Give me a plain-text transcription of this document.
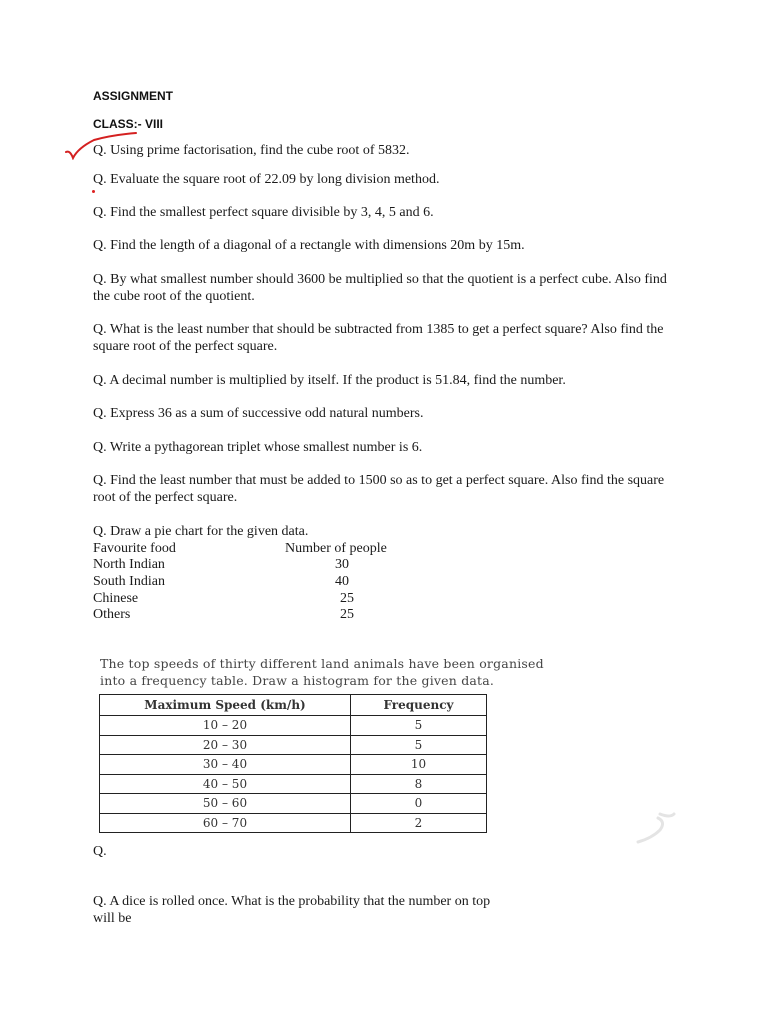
ASSIGNMENT
CLASS:- VIII
Q. Using prime factorisation, find the cube root of 5832.
Q. Evaluate the square root of 22.09 by long division method.
Q. Find the smallest perfect square divisible by 3, 4, 5 and 6.
Q. Find the length of a diagonal of a rectangle with dimensions 20m by 15m.
Q. By what smallest number should 3600 be multiplied so that the quotient is a perfect cube. Also find the cube root of the quotient.
Q. What is the least number that should be subtracted from 1385 to get a perfect square? Also find the square root of the perfect square.
Q. A decimal number is multiplied by itself. If the product is 51.84, find the number.
Q. Express 36 as a sum of successive odd natural numbers.
Q. Write a pythagorean triplet whose smallest number is 6.
Q. Find the least number that must be added to 1500 so as to get a perfect square. Also find the square root of the perfect square.
Q. Draw a pie chart for the given data.
Favourite food	Number of people
North Indian	30
South Indian	40
Chinese	25
Others	25
The top speeds of thirty different land animals have been organised
into a frequency table. Draw a histogram for the given data.
Maximum Speed (km/h)	Frequency
10 – 20	5
20 – 30	5
30 – 40	10
40 – 50	8
50 – 60	0
60 – 70	2
Q.
Q. A dice is rolled once. What is the probability that the number on top
will be
